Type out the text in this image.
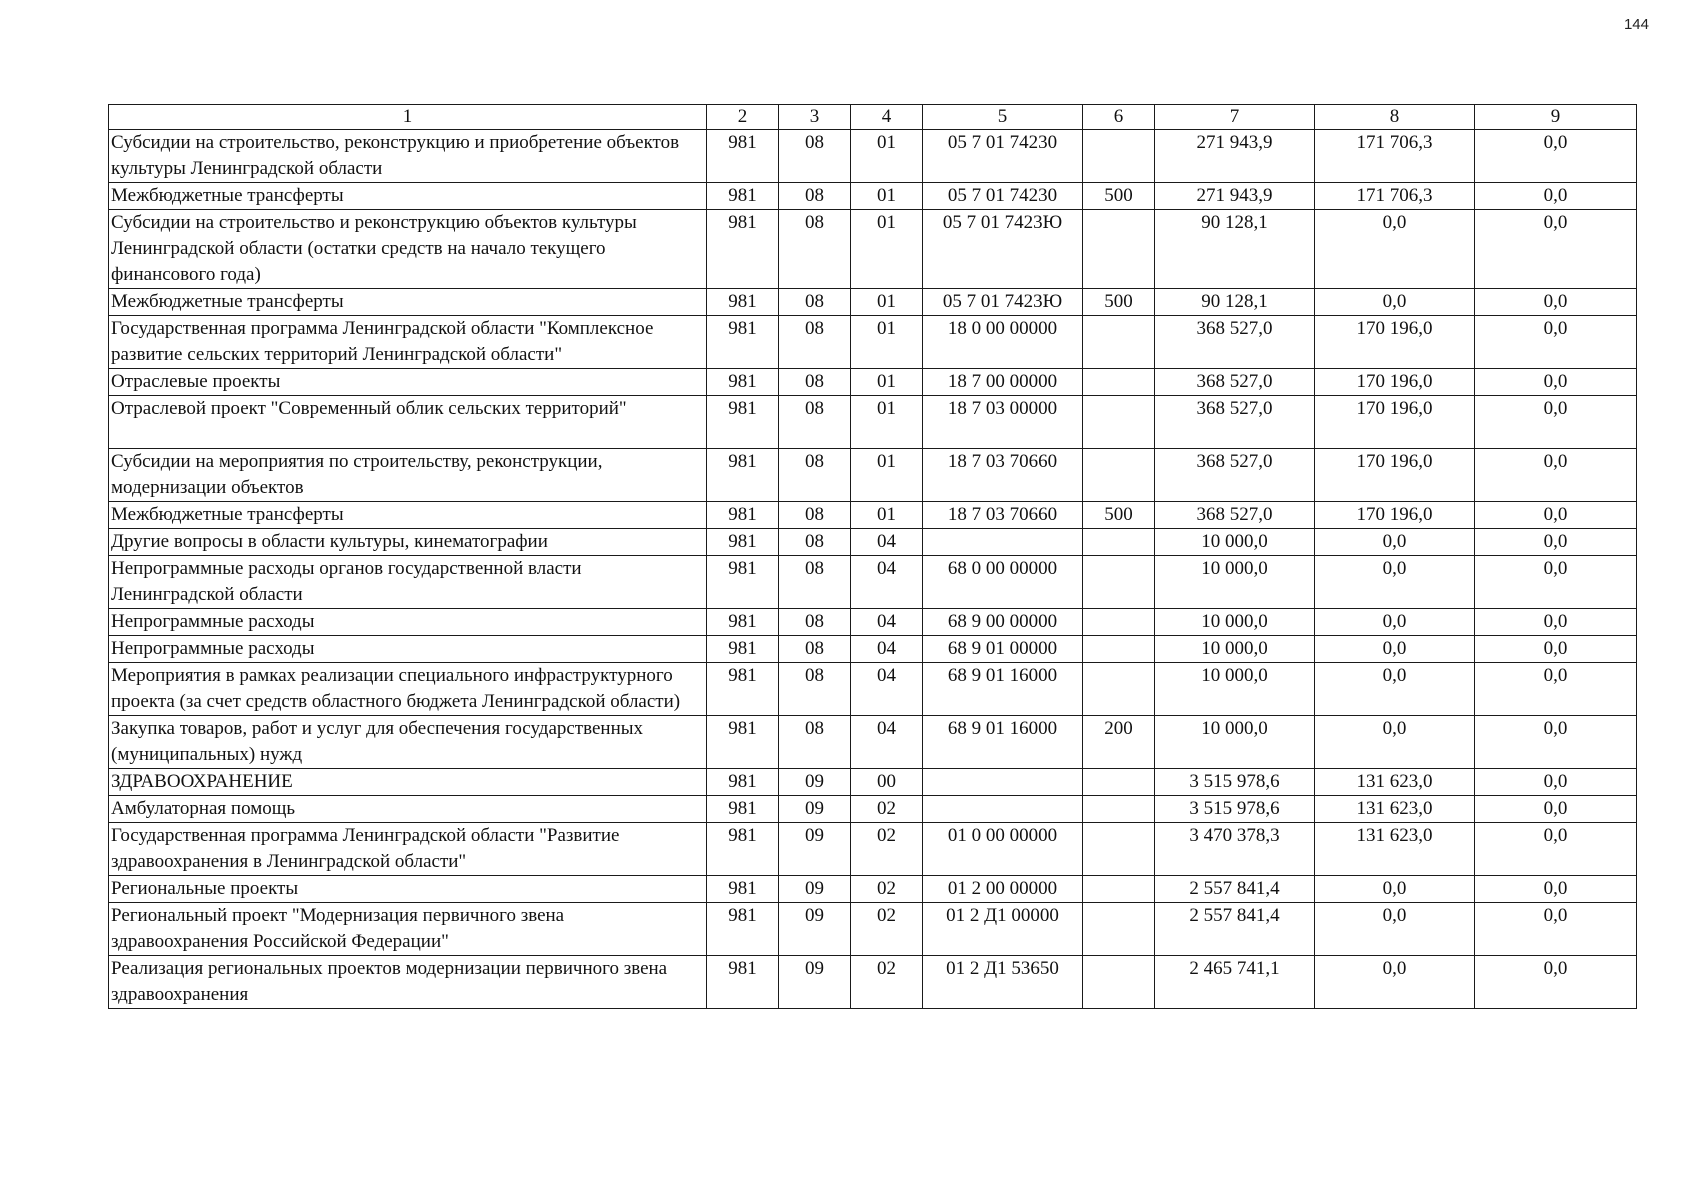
144
1	2	3	4	5	6	7	8	9
Субсидии на строительство, реконструкцию и приобретение объектов культуры Ленинградской области	981	08	01	05 7 01 74230		271 943,9	171 706,3	0,0
Межбюджетные трансферты	981	08	01	05 7 01 74230	500	271 943,9	171 706,3	0,0
Субсидии на строительство и реконструкцию объектов культуры Ленинградской области (остатки средств на начало текущего финансового года)	981	08	01	05 7 01 7423Ю		90 128,1	0,0	0,0
Межбюджетные трансферты	981	08	01	05 7 01 7423Ю	500	90 128,1	0,0	0,0
Государственная программа Ленинградской области "Комплексное развитие сельских территорий Ленинградской области"	981	08	01	18 0 00 00000		368 527,0	170 196,0	0,0
Отраслевые проекты	981	08	01	18 7 00 00000		368 527,0	170 196,0	0,0
Отраслевой проект "Современный облик сельских территорий"	981	08	01	18 7 03 00000		368 527,0	170 196,0	0,0
Субсидии на мероприятия по строительству, реконструкции, модернизации объектов	981	08	01	18 7 03 70660		368 527,0	170 196,0	0,0
Межбюджетные трансферты	981	08	01	18 7 03 70660	500	368 527,0	170 196,0	0,0
Другие вопросы в области культуры, кинематографии	981	08	04			10 000,0	0,0	0,0
Непрограммные расходы органов государственной власти Ленинградской области	981	08	04	68 0 00 00000		10 000,0	0,0	0,0
Непрограммные расходы	981	08	04	68 9 00 00000		10 000,0	0,0	0,0
Непрограммные расходы	981	08	04	68 9 01 00000		10 000,0	0,0	0,0
Мероприятия в рамках реализации специального инфраструктурного проекта (за счет средств областного бюджета Ленинградской области)	981	08	04	68 9 01 16000		10 000,0	0,0	0,0
Закупка товаров, работ и услуг для обеспечения государственных (муниципальных) нужд	981	08	04	68 9 01 16000	200	10 000,0	0,0	0,0
ЗДРАВООХРАНЕНИЕ	981	09	00			3 515 978,6	131 623,0	0,0
Амбулаторная помощь	981	09	02			3 515 978,6	131 623,0	0,0
Государственная программа Ленинградской области "Развитие здравоохранения в Ленинградской области"	981	09	02	01 0 00 00000		3 470 378,3	131 623,0	0,0
Региональные проекты	981	09	02	01 2 00 00000		2 557 841,4	0,0	0,0
Региональный проект "Модернизация первичного звена здравоохранения Российской Федерации"	981	09	02	01 2 Д1 00000		2 557 841,4	0,0	0,0
Реализация региональных проектов модернизации первичного звена здравоохранения	981	09	02	01 2 Д1 53650		2 465 741,1	0,0	0,0
